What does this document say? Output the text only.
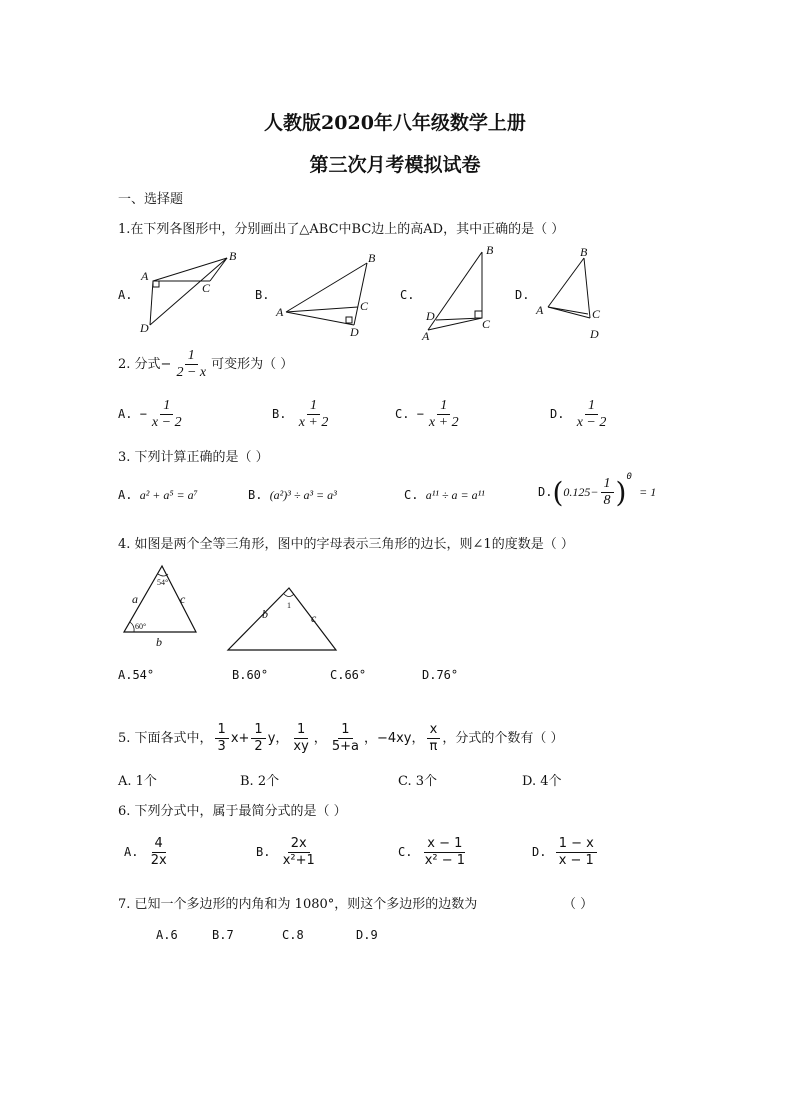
人教版2020年八年级数学上册
第三次月考模拟试卷
一、选择题
1.在下列各图形中，分别画出了△ABC中BC边上的高AD，其中正确的是（ ）
A.
A
B
C
D
B.
A
B
C
D
C.
B
D
C
A
D.
B
A	C
D
2. 分式− $\frac{1}{2 - x}$ 可变形为（ ）
A. − $\frac{1}{x - 2}$	B. $\frac{1}{x + 2}$	C. − $\frac{1}{x + 2}$	D. $\frac{1}{x - 2}$
3. 下列计算正确的是（ ）
A. a² + a⁵ = a⁷	B. (a²)³ ÷ a³ = a³	C. a¹¹ ÷ a = a¹¹	$D.(0.125- \frac{1}{8} )^0 = 1$
4. 如图是两个全等三角形，图中的字母表示三角形的边长，则∠1的度数是（ ）
54°
60°
a	c
b
1
b	c
A.54°	B.60°	C.66°	D.76°
5. 下面各式中， $\frac{1}{3} x+ \frac{1}{2}$ y， $\frac{1}{xy}$ ， $\frac{1}{5+a}$ ，−4xy， $\frac{x}{\pi}$ ，分式的个数有（ ）
A. 1个	B. 2个	C. 3个	D. 4个
6. 下列分式中，属于最简分式的是（ ）
A. $\frac{4}{2x}$	B. $\frac{2x}{\text{x²+1}}$	C. $\frac{x - 1}{\text{x² − 1}}$	D. $\frac{1 - x}{x - 1}$
7. 已知一个多边形的内角和为 1080°，则这个多边形的边数为	（ ）
A.6	B.7	C.8	D.9
